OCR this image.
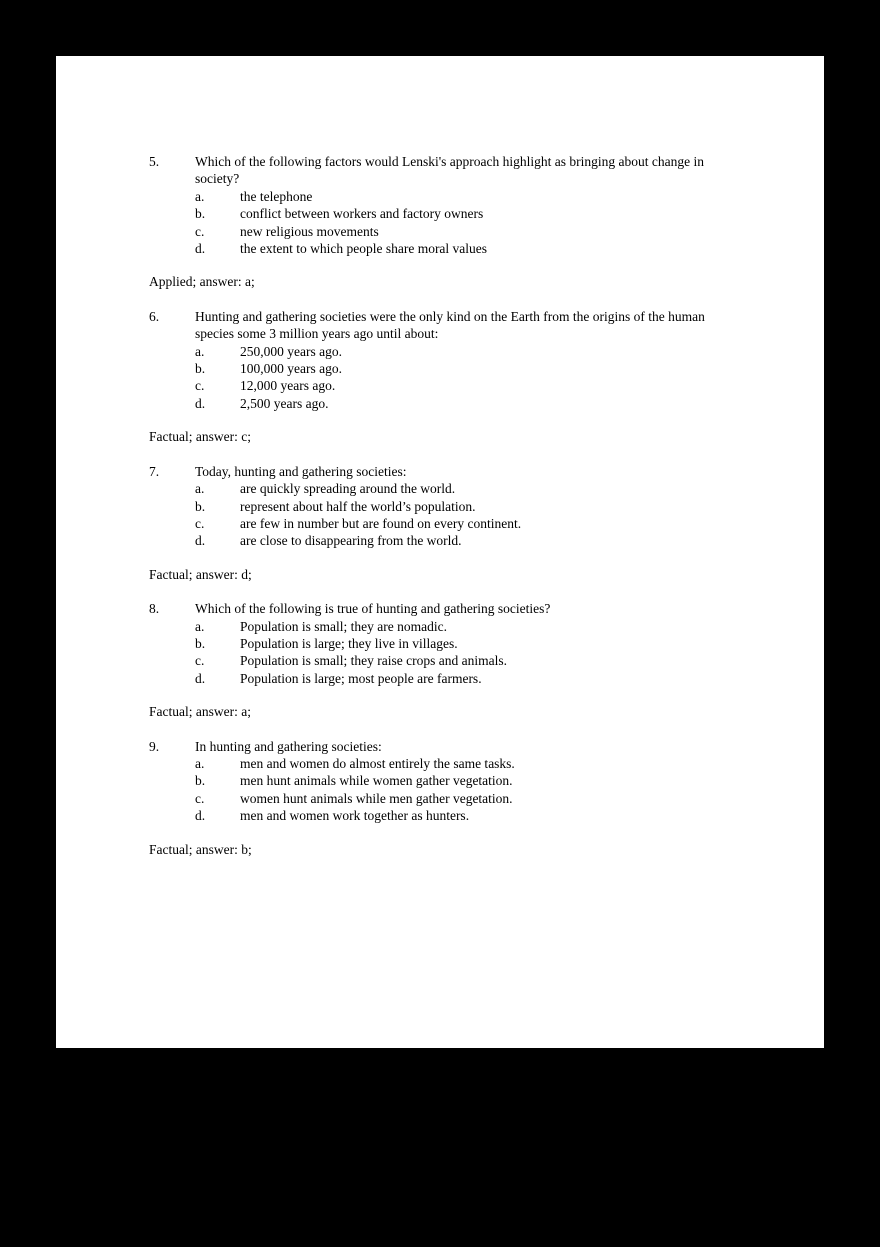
5.	Which of the following factors would Lenski's approach highlight as bringing about change in society?
a.	the telephone
b.	conflict between workers and factory owners
c.	new religious movements
d.	the extent to which people share moral values
Applied; answer: a;
6.	Hunting and gathering societies were the only kind on the Earth from the origins of the human species some 3 million years ago until about:
a.	250,000 years ago.
b.	100,000 years ago.
c.	12,000 years ago.
d.	2,500 years ago.
Factual; answer: c;
7.	Today, hunting and gathering societies:
a.	are quickly spreading around the world.
b.	represent about half the world’s population.
c.	are few in number but are found on every continent.
d.	are close to disappearing from the world.
Factual; answer: d;
8.	Which of the following is true of hunting and gathering societies?
a.	Population is small; they are nomadic.
b.	Population is large; they live in villages.
c.	Population is small; they raise crops and animals.
d.	Population is large; most people are farmers.
Factual; answer: a;
9.	In hunting and gathering societies:
a.	men and women do almost entirely the same tasks.
b.	men hunt animals while women gather vegetation.
c.	women hunt animals while men gather vegetation.
d.	men and women work together as hunters.
Factual; answer: b;
